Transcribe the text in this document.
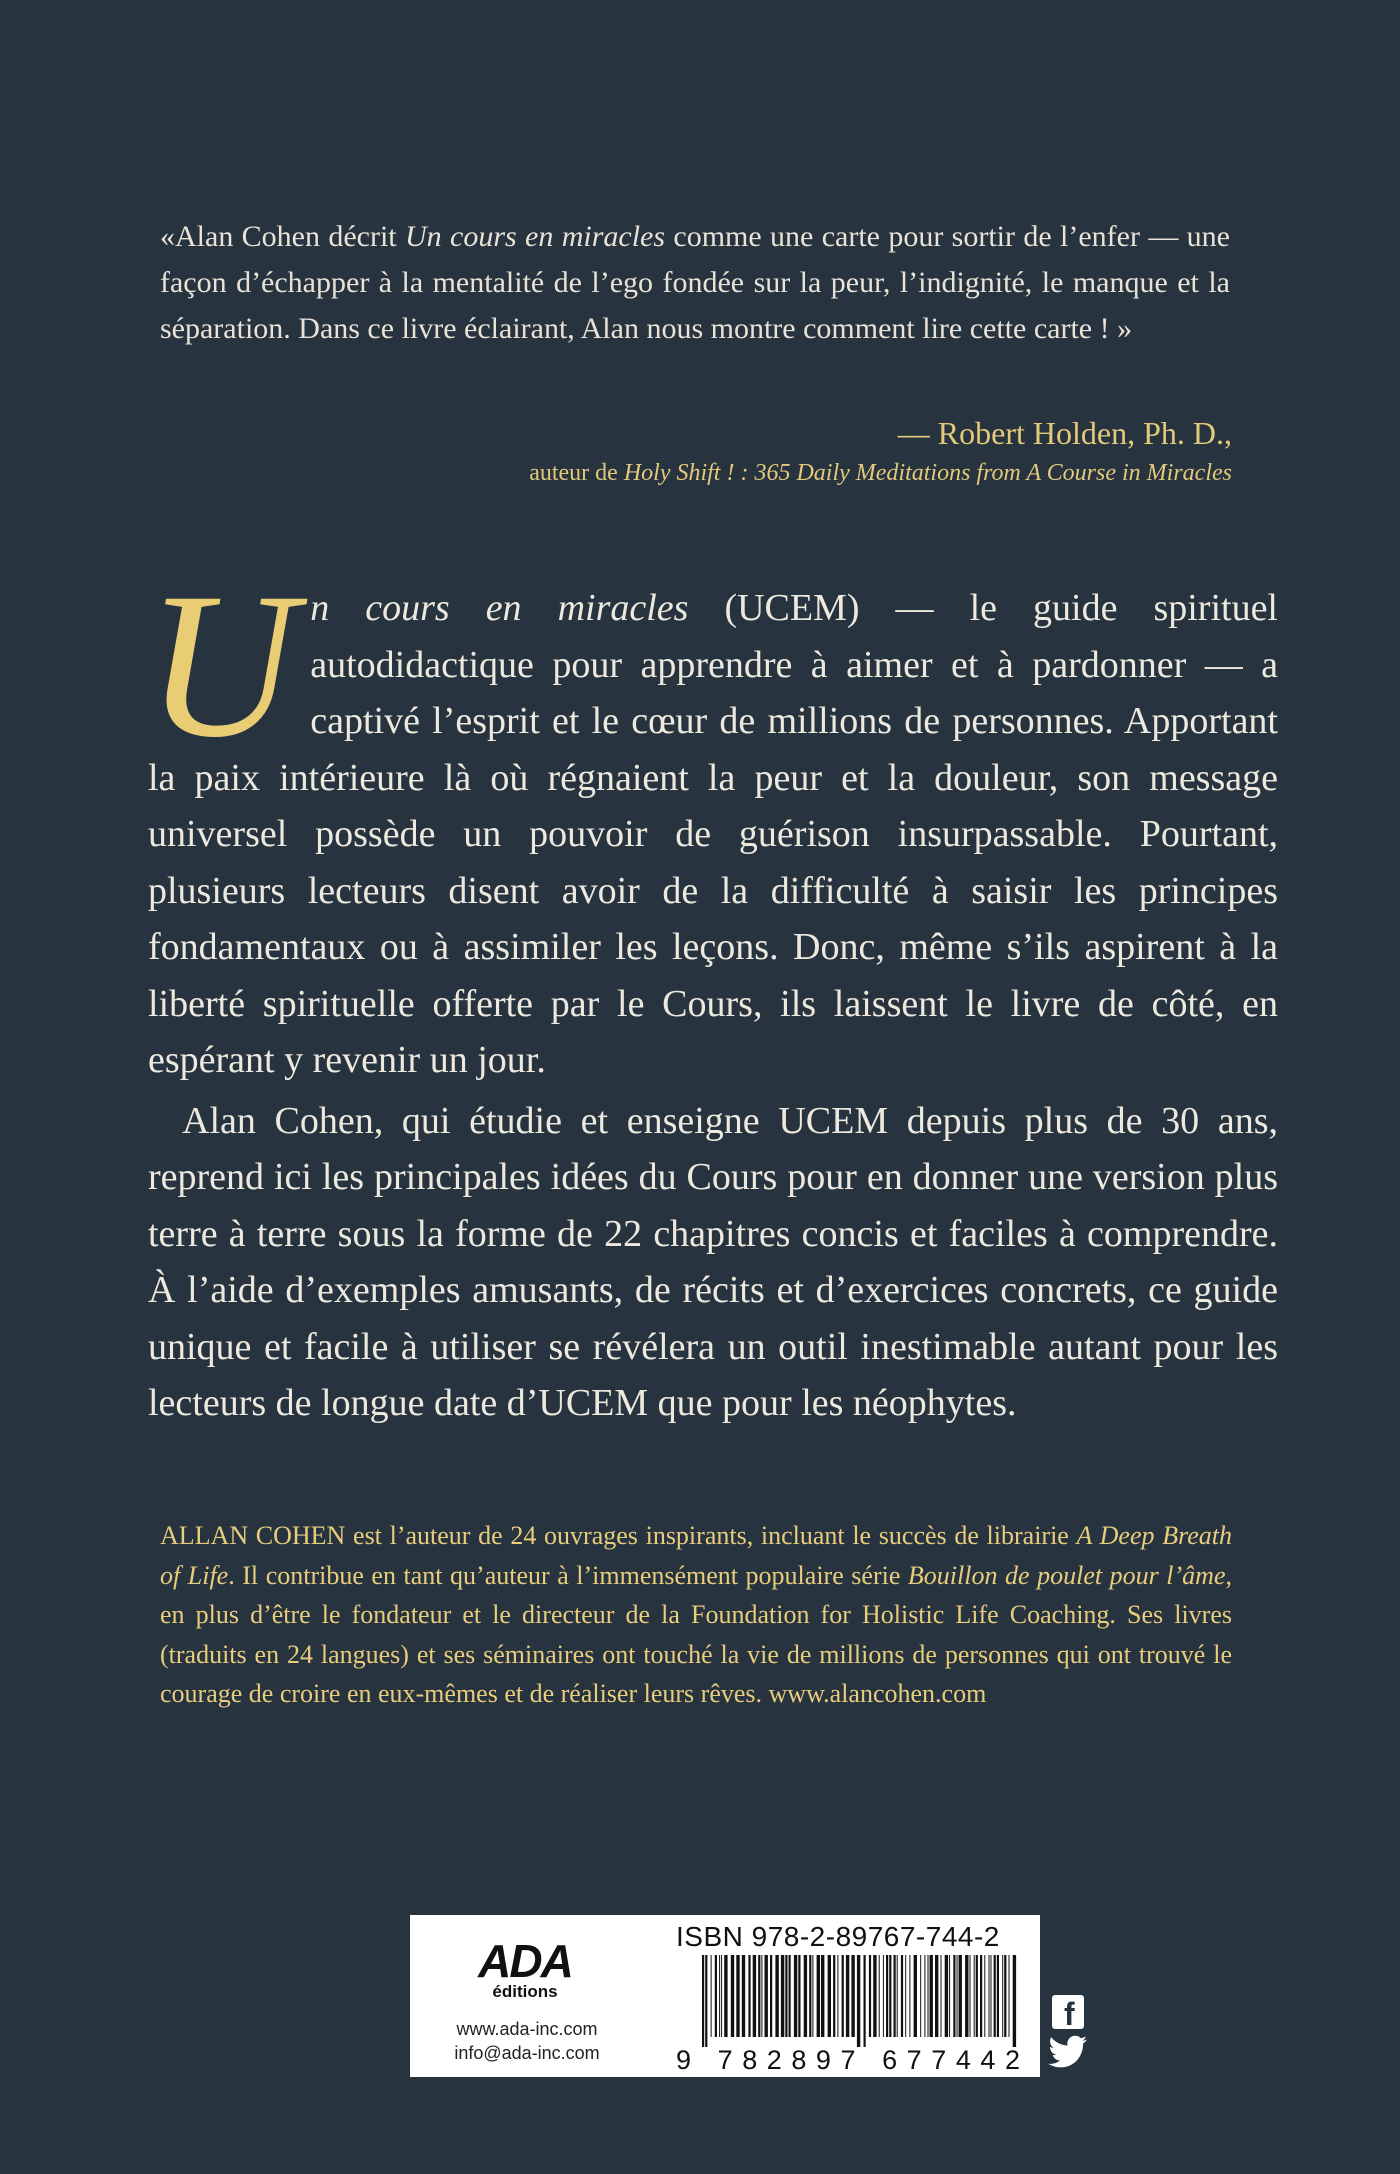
«Alan Cohen décrit Un cours en miracles comme une carte pour sortir de l’enfer — une façon d’échapper à la mentalité de l’ego fondée sur la peur, l’indignité, le manque et la séparation. Dans ce livre éclairant, Alan nous montre comment lire cette carte ! »
— Robert Holden, Ph. D.,
auteur de Holy Shift ! : 365 Daily Meditations from A Course in Miracles

Un cours en miracles (UCEM) — le guide spirituel autodidactique pour apprendre à aimer et à pardonner — a captivé l’esprit et le cœur de millions de personnes. Apportant la paix intérieure là où régnaient la peur et la douleur, son message universel possède un pouvoir de guérison insurpassable. Pourtant, plusieurs lecteurs disent avoir de la difficulté à saisir les principes fondamentaux ou à assimiler les leçons. Donc, même s’ils aspirent à la liberté spirituelle offerte par le Cours, ils laissent le livre de côté, en espérant y revenir un jour.

Alan Cohen, qui étudie et enseigne UCEM depuis plus de 30 ans, reprend ici les principales idées du Cours pour en donner une version plus terre à terre sous la forme de 22 chapitres concis et faciles à comprendre. À l’aide d’exemples amusants, de récits et d’exercices concrets, ce guide unique et facile à utiliser se révélera un outil inestimable autant pour les lecteurs de longue date d’UCEM que pour les néophytes.

ALLAN COHEN est l’auteur de 24 ouvrages inspirants, incluant le succès de librairie A Deep Breath of Life. Il contribue en tant qu’auteur à l’immensément populaire série Bouillon de poulet pour l’âme, en plus d’être le fondateur et le directeur de la Foundation for Holistic Life Coaching. Ses livres (traduits en 24 langues) et ses séminaires ont touché la vie de millions de personnes qui ont trouvé le courage de croire en eux-mêmes et de réaliser leurs rêves. www.alancohen.com
ADA
éditions
www.ada-inc.com
info@ada-inc.com
ISBN 978-2-89767-744-2
9 782897 677442
f
